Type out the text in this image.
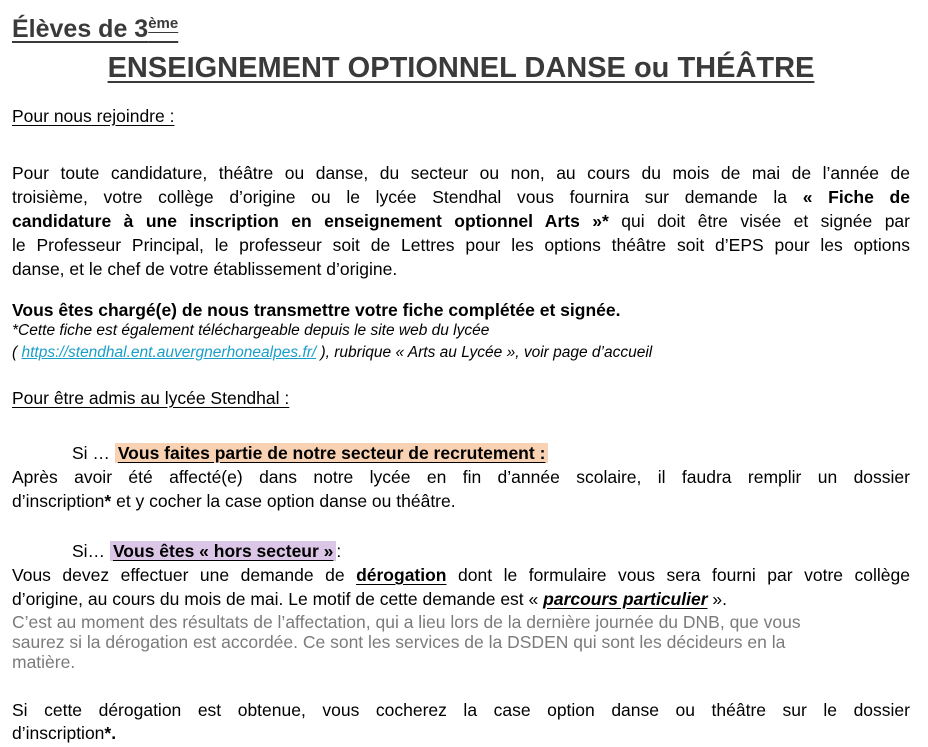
Élèves de 3ème
ENSEIGNEMENT OPTIONNEL DANSE ou THÉÂTRE
Pour nous rejoindre :
Pour toute candidature, théâtre ou danse, du secteur ou non, au cours du mois de mai de l’année de
troisième, votre collège d’origine ou le lycée Stendhal vous fournira sur demande la « Fiche de
candidature à une inscription en enseignement optionnel Arts »* qui doit être visée et signée par
le Professeur Principal, le professeur soit de Lettres pour les options théâtre soit d’EPS pour les options
danse, et le chef de votre établissement d’origine.
Vous êtes chargé(e) de nous transmettre votre fiche complétée et signée.
*Cette fiche est également téléchargeable depuis le site web du lycée
( https://stendhal.ent.auvergnerhonealpes.fr/ ), rubrique « Arts au Lycée », voir page d’accueil
Pour être admis au lycée Stendhal :
Si … Vous faites partie de notre secteur de recrutement :
Après avoir été affecté(e) dans notre lycée en fin d’année scolaire, il faudra remplir un dossier
d’inscription* et y cocher la case option danse ou théâtre.
Si… Vous êtes « hors secteur » :
Vous devez effectuer une demande de dérogation dont le formulaire vous sera fourni par votre collège
d’origine, au cours du mois de mai. Le motif de cette demande est « parcours particulier ».
C’est au moment des résultats de l’affectation, qui a lieu lors de la dernière journée du DNB, que vous
saurez si la dérogation est accordée. Ce sont les services de la DSDEN qui sont les décideurs en la
matière.
Si cette dérogation est obtenue, vous cocherez la case option danse ou théâtre sur le dossier
d’inscription*.
